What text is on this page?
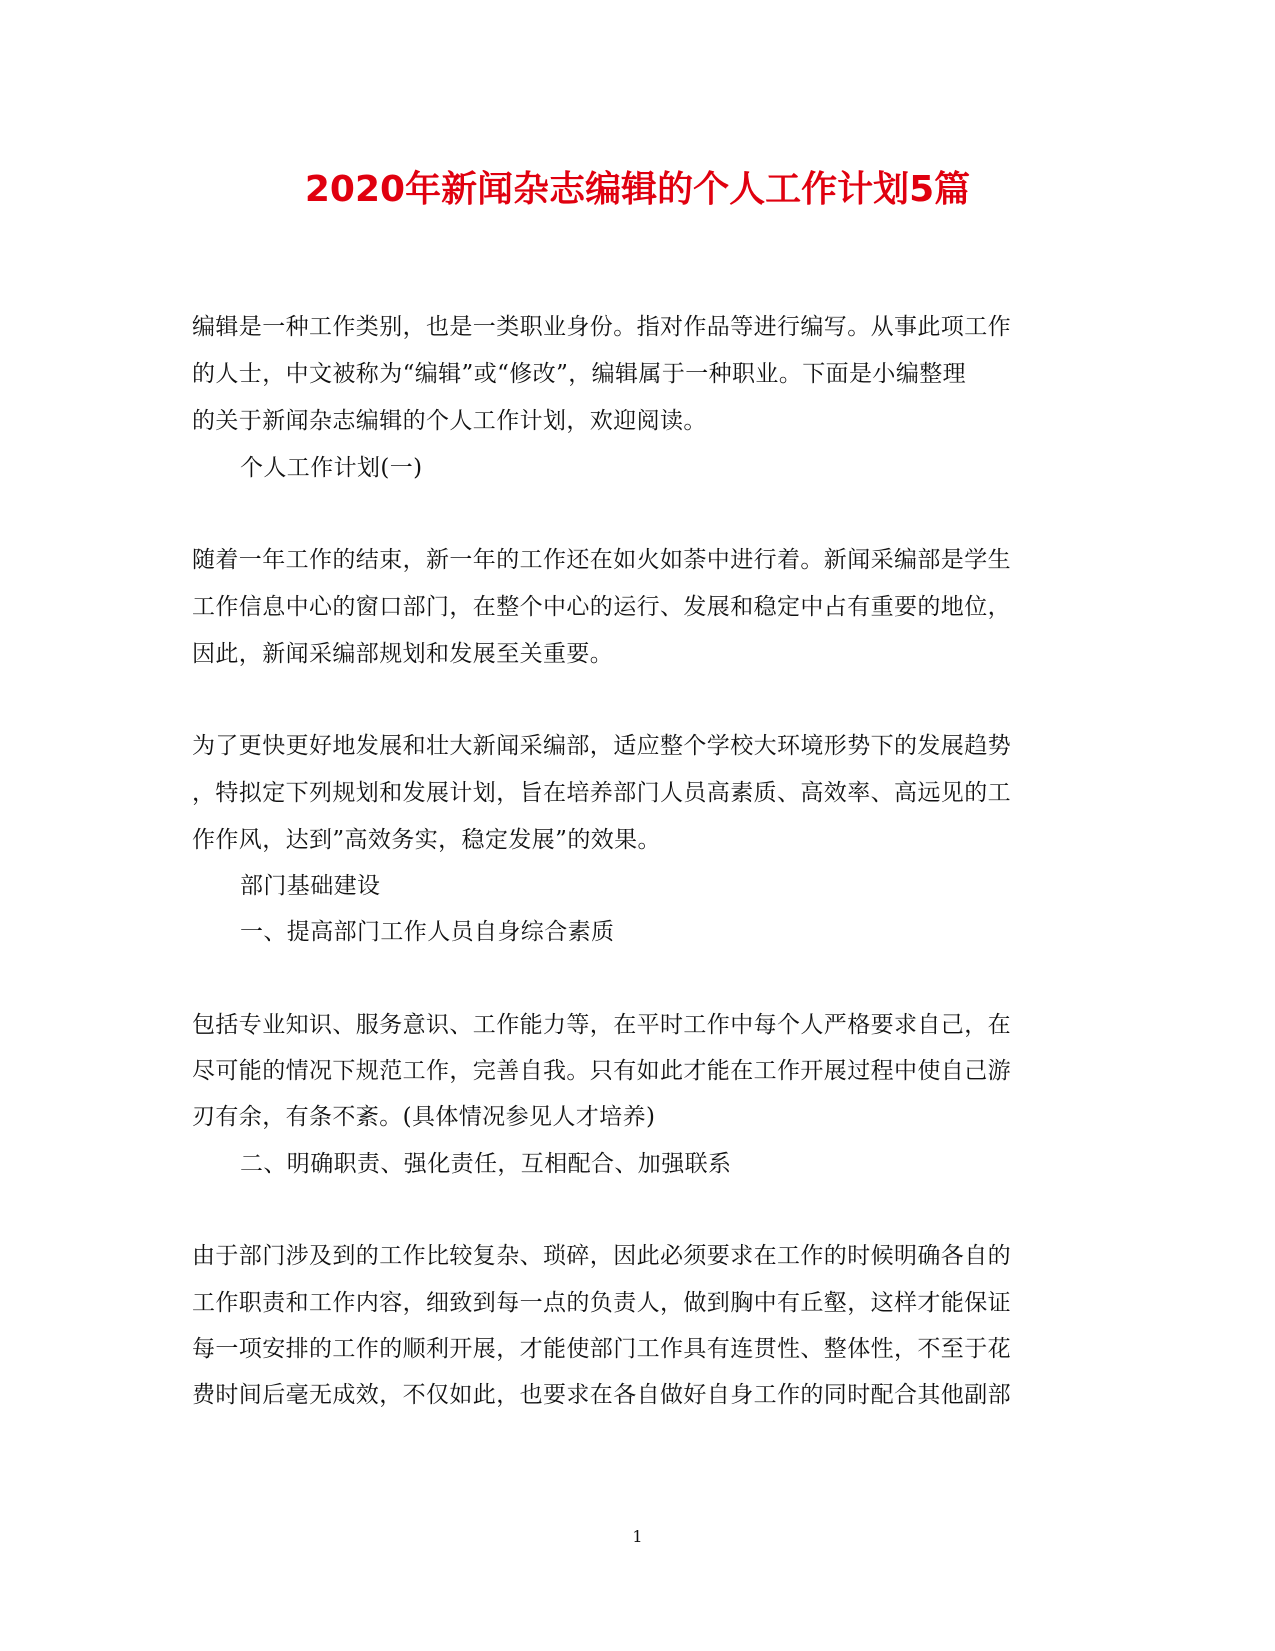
2020年新闻杂志编辑的个人工作计划5篇
编辑是一种工作类别，也是一类职业身份。指对作品等进行编写。从事此项工作
的人士，中文被称为“编辑”或“修改”，编辑属于一种职业。下面是小编整理
的关于新闻杂志编辑的个人工作计划，欢迎阅读。
个人工作计划(一)
随着一年工作的结束，新一年的工作还在如火如荼中进行着。新闻采编部是学生
工作信息中心的窗口部门，在整个中心的运行、发展和稳定中占有重要的地位，
因此，新闻采编部规划和发展至关重要。
为了更快更好地发展和壮大新闻采编部，适应整个学校大环境形势下的发展趋势
，特拟定下列规划和发展计划，旨在培养部门人员高素质、高效率、高远见的工
作作风，达到”高效务实，稳定发展”的效果。
部门基础建设
一、提高部门工作人员自身综合素质
包括专业知识、服务意识、工作能力等，在平时工作中每个人严格要求自己，在
尽可能的情况下规范工作，完善自我。只有如此才能在工作开展过程中使自己游
刃有余，有条不紊。(具体情况参见人才培养)
二、明确职责、强化责任，互相配合、加强联系
由于部门涉及到的工作比较复杂、琐碎，因此必须要求在工作的时候明确各自的
工作职责和工作内容，细致到每一点的负责人，做到胸中有丘壑，这样才能保证
每一项安排的工作的顺利开展，才能使部门工作具有连贯性、整体性，不至于花
费时间后毫无成效，不仅如此，也要求在各自做好自身工作的同时配合其他副部
1
